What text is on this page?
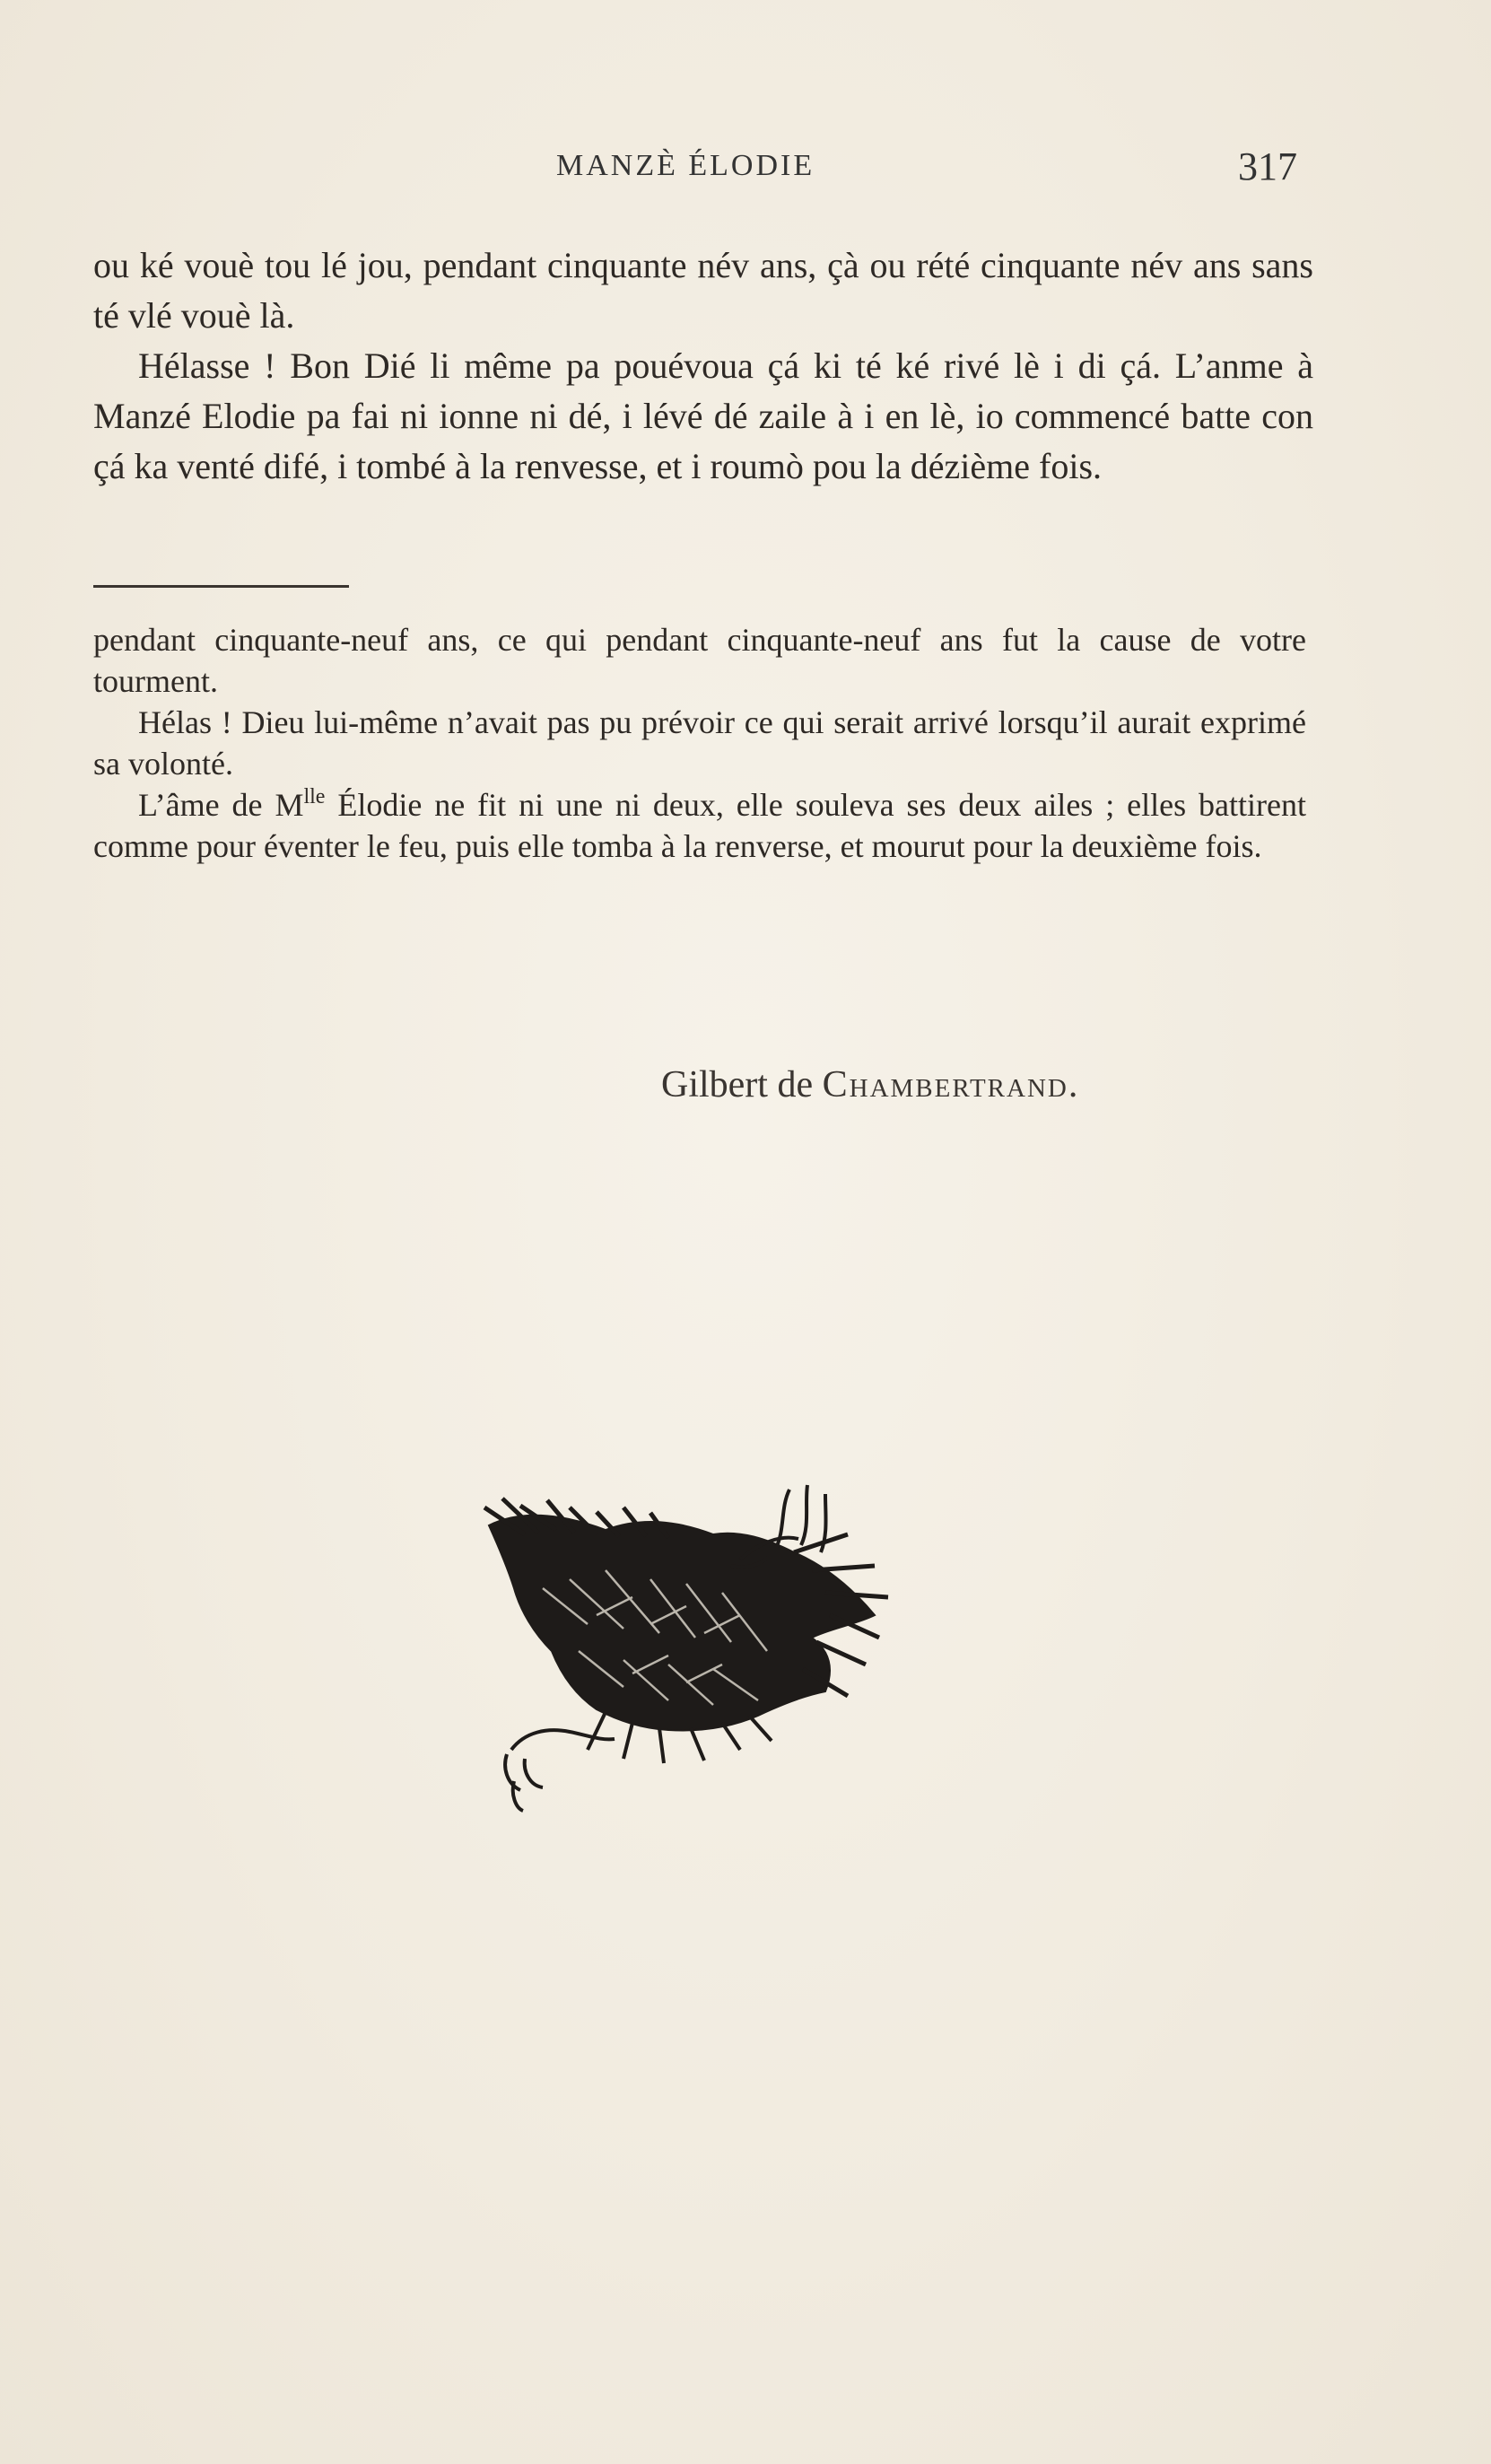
MANZÈ ÉLODIE	317

ou ké vouè tou lé jou, pendant cinquante név ans, çà ou rété cinquante név ans sans té vlé vouè là.

Hélasse ! Bon Dié li même pa pouévoua çá ki té ké rivé lè i di çá. L’anme à Manzé Elodie pa fai ni ionne ni dé, i lévé dé zaile à i en lè, io commencé batte con çá ka venté difé, i tombé à la renvesse, et i roumò pou la dézième fois.

pendant cinquante-neuf ans, ce qui pendant cinquante-neuf ans fut la cause de votre tourment.

Hélas ! Dieu lui-même n’avait pas pu prévoir ce qui serait arrivé lorsqu’il aurait exprimé sa volonté.

L’âme de $M^{lle}$ Élodie ne fit ni une ni deux, elle souleva ses deux ailes ; elles battirent comme pour éventer le feu, puis elle tomba à la renverse, et mourut pour la deuxième fois.

Gilbert de Chambertrand.
